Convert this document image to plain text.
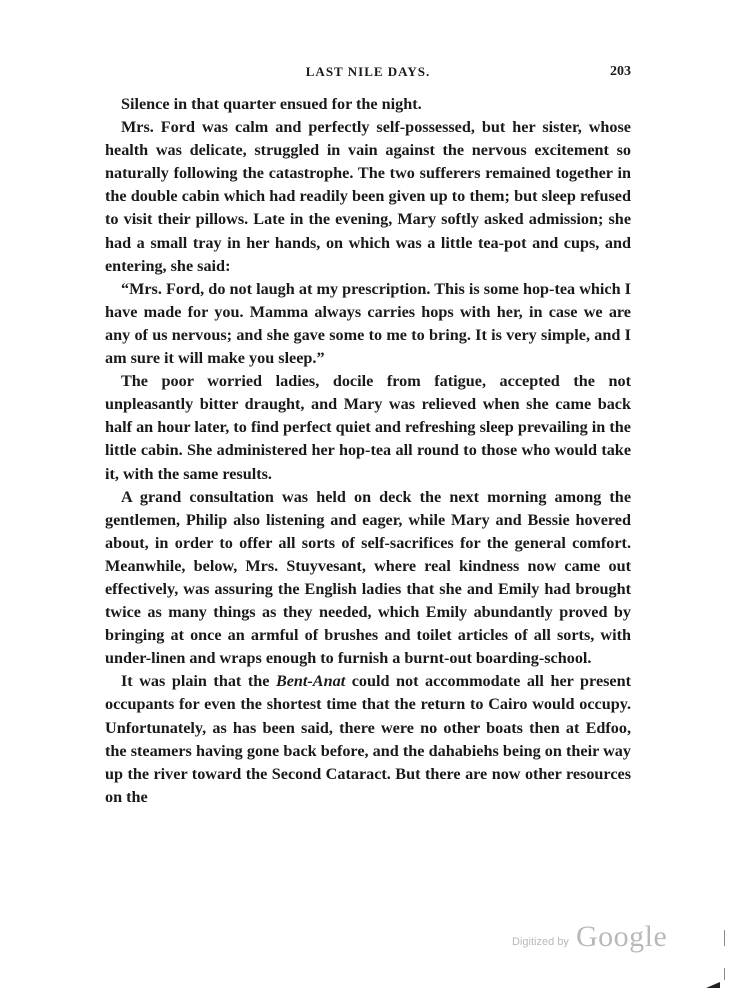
LAST NILE DAYS.	203

Silence in that quarter ensued for the night.

Mrs. Ford was calm and perfectly self-possessed, but her sister, whose health was delicate, struggled in vain against the nervous excitement so naturally following the catastrophe. The two sufferers remained together in the double cabin which had readily been given up to them; but sleep refused to visit their pillows. Late in the evening, Mary softly asked admission; she had a small tray in her hands, on which was a little tea-pot and cups, and entering, she said:

“Mrs. Ford, do not laugh at my prescription. This is some hop-tea which I have made for you. Mamma always carries hops with her, in case we are any of us nervous; and she gave some to me to bring. It is very simple, and I am sure it will make you sleep.”

The poor worried ladies, docile from fatigue, accepted the not unpleasantly bitter draught, and Mary was relieved when she came back half an hour later, to find perfect quiet and refreshing sleep prevailing in the little cabin. She administered her hop-tea all round to those who would take it, with the same results.

A grand consultation was held on deck the next morning among the gentlemen, Philip also listening and eager, while Mary and Bessie hovered about, in order to offer all sorts of self-sacrifices for the general comfort. Meanwhile, below, Mrs. Stuyvesant, where real kindness now came out effectively, was assuring the English ladies that she and Emily had brought twice as many things as they needed, which Emily abundantly proved by bringing at once an armful of brushes and toilet articles of all sorts, with under-linen and wraps enough to furnish a burnt-out boarding-school.

It was plain that the Bent-Anat could not accommodate all her present occupants for even the shortest time that the return to Cairo would occupy. Unfortunately, as has been said, there were no other boats then at Edfoo, the steamers having gone back before, and the dahabiehs being on their way up the river toward the Second Cataract. But there are now other resources on the

Digitized by Google
